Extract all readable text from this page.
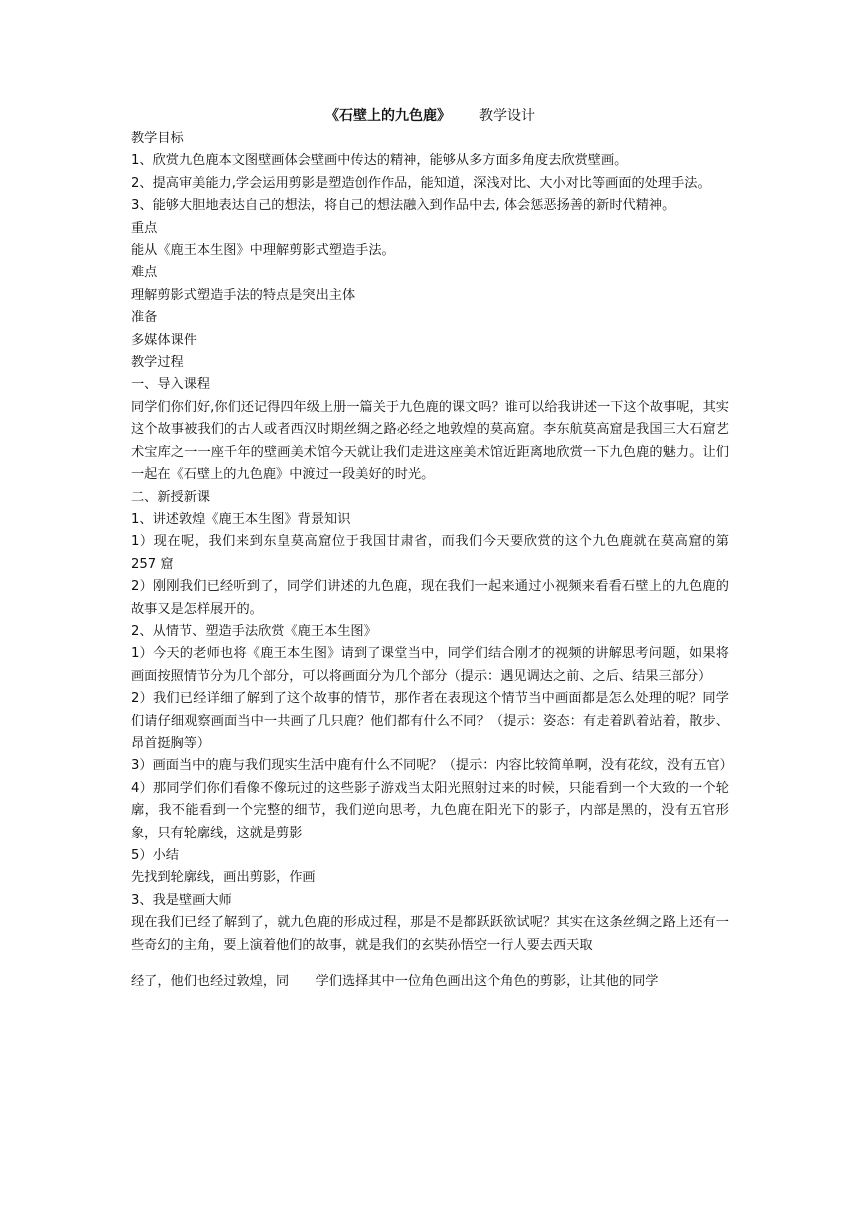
《石壁上的九色鹿》 教学设计

教学目标

1、欣赏九色鹿本文图壁画体会壁画中传达的精神，能够从多方面多角度去欣赏壁画。

2、提高审美能力,学会运用剪影是塑造创作作品，能知道，深浅对比、大小对比等画面的处理手法。

3、能够大胆地表达自己的想法，将自己的想法融入到作品中去, 体会惩恶扬善的新时代精神。

重点

能从《鹿王本生图》中理解剪影式塑造手法。

难点

理解剪影式塑造手法的特点是突出主体

准备

多媒体课件

教学过程

一、导入课程

同学们你们好,你们还记得四年级上册一篇关于九色鹿的课文吗？谁可以给我讲述一下这个故事呢，其实这个故事被我们的古人或者西汉时期丝绸之路必经之地敦煌的莫高窟。李东航莫高窟是我国三大石窟艺术宝库之一一座千年的壁画美术馆今天就让我们走进这座美术馆近距离地欣赏一下九色鹿的魅力。让们一起在《石壁上的九色鹿》中渡过一段美好的时光。

二、新授新课

1、讲述敦煌《鹿王本生图》背景知识

1）现在呢，我们来到东皇莫高窟位于我国甘肃省，而我们今天要欣赏的这个九色鹿就在莫高窟的第 257 窟

2）刚刚我们已经听到了，同学们讲述的九色鹿，现在我们一起来通过小视频来看看石壁上的九色鹿的故事又是怎样展开的。

2、从情节、塑造手法欣赏《鹿王本生图》

1）今天的老师也将《鹿王本生图》请到了课堂当中，同学们结合刚才的视频的讲解思考问题，如果将画面按照情节分为几个部分，可以将画面分为几个部分（提示：遇见调达之前、之后、结果三部分）

2）我们已经详细了解到了这个故事的情节，那作者在表现这个情节当中画面都是怎么处理的呢？同学们请仔细观察画面当中一共画了几只鹿？他们都有什么不同？（提示：姿态：有走着趴着站着，散步、昂首挺胸等）

3）画面当中的鹿与我们现实生活中鹿有什么不同呢？（提示：内容比较简单啊，没有花纹，没有五官）

4）那同学们你们看像不像玩过的这些影子游戏当太阳光照射过来的时候，只能看到一个大致的一个轮廓，我不能看到一个完整的细节，我们逆向思考，九色鹿在阳光下的影子，内部是黑的，没有五官形象，只有轮廓线，这就是剪影

5）小结

先找到轮廓线，画出剪影，作画

3、我是壁画大师

现在我们已经了解到了，就九色鹿的形成过程，那是不是都跃跃欲试呢？其实在这条丝绸之路上还有一些奇幻的主角，要上演着他们的故事，就是我们的玄奘孙悟空一行人要去西天取

经了，他们也经过敦煌，同　　学们选择其中一位角色画出这个角色的剪影，让其他的同学
